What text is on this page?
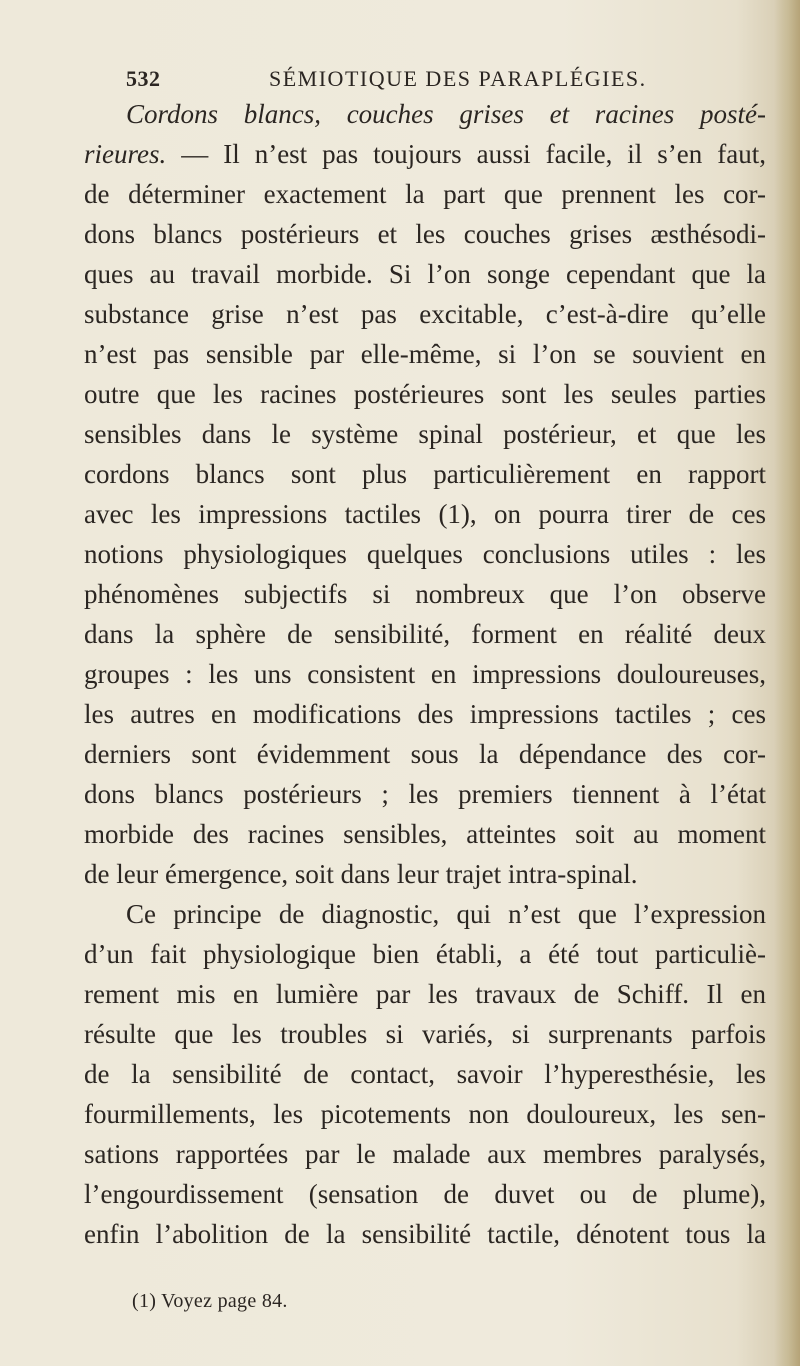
532	SÉMIOTIQUE DES PARAPLÉGIES.
Cordons blancs, couches grises et racines posté-
rieures. — Il n’est pas toujours aussi facile, il s’en faut,
de déterminer exactement la part que prennent les cor-
dons blancs postérieurs et les couches grises æsthésodi-
ques au travail morbide. Si l’on songe cependant que la
substance grise n’est pas excitable, c’est-à-dire qu’elle
n’est pas sensible par elle-même, si l’on se souvient en
outre que les racines postérieures sont les seules parties
sensibles dans le système spinal postérieur, et que les
cordons blancs sont plus particulièrement en rapport
avec les impressions tactiles (1), on pourra tirer de ces
notions physiologiques quelques conclusions utiles : les
phénomènes subjectifs si nombreux que l’on observe
dans la sphère de sensibilité, forment en réalité deux
groupes : les uns consistent en impressions douloureuses,
les autres en modifications des impressions tactiles ; ces
derniers sont évidemment sous la dépendance des cor-
dons blancs postérieurs ; les premiers tiennent à l’état
morbide des racines sensibles, atteintes soit au moment
de leur émergence, soit dans leur trajet intra-spinal.
Ce principe de diagnostic, qui n’est que l’expression
d’un fait physiologique bien établi, a été tout particuliè-
rement mis en lumière par les travaux de Schiff. Il en
résulte que les troubles si variés, si surprenants parfois
de la sensibilité de contact, savoir l’hyperesthésie, les
fourmillements, les picotements non douloureux, les sen-
sations rapportées par le malade aux membres paralysés,
l’engourdissement (sensation de duvet ou de plume),
enfin l’abolition de la sensibilité tactile, dénotent tous la
(1) Voyez page 84.
